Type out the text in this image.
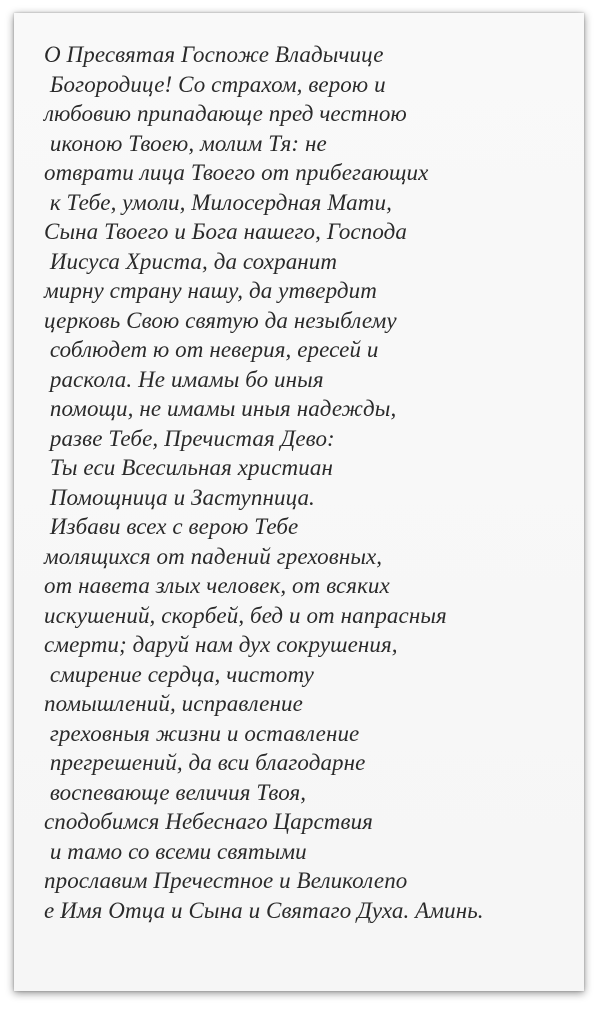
О Пресвятая Госпоже Владычице
Богородице! Со страхом, верою и
любовию припадающе пред честною
иконою Твоею, молим Тя: не
отврати лица Твоего от прибегающих
к Тебе, умоли, Милосердная Мати,
Сына Твоего и Бога нашего, Господа
Иисуса Христа, да сохранит
мирну страну нашу, да утвердит
церковь Свою святую да незыблему
соблюдет ю от неверия, ересей и
раскола. Не имамы бо иныя
помощи, не имамы иныя надежды,
разве Тебе, Пречистая Дево:
Ты еси Всесильная христиан
Помощница и Заступница.
Избави всех с верою Тебе
молящихся от падений греховных,
от навета злых человек, от всяких
искушений, скорбей, бед и от напрасныя
смерти; даруй нам дух сокрушения,
смирение сердца, чистоту
помышлений, исправление
греховныя жизни и оставление
прегрешений, да вси благодарне
воспевающе величия Твоя,
сподобимся Небеснаго Царствия
и тамо со всеми святыми
прославим Пречестное и Великолепо
е Имя Отца и Сына и Святаго Духа. Аминь.
